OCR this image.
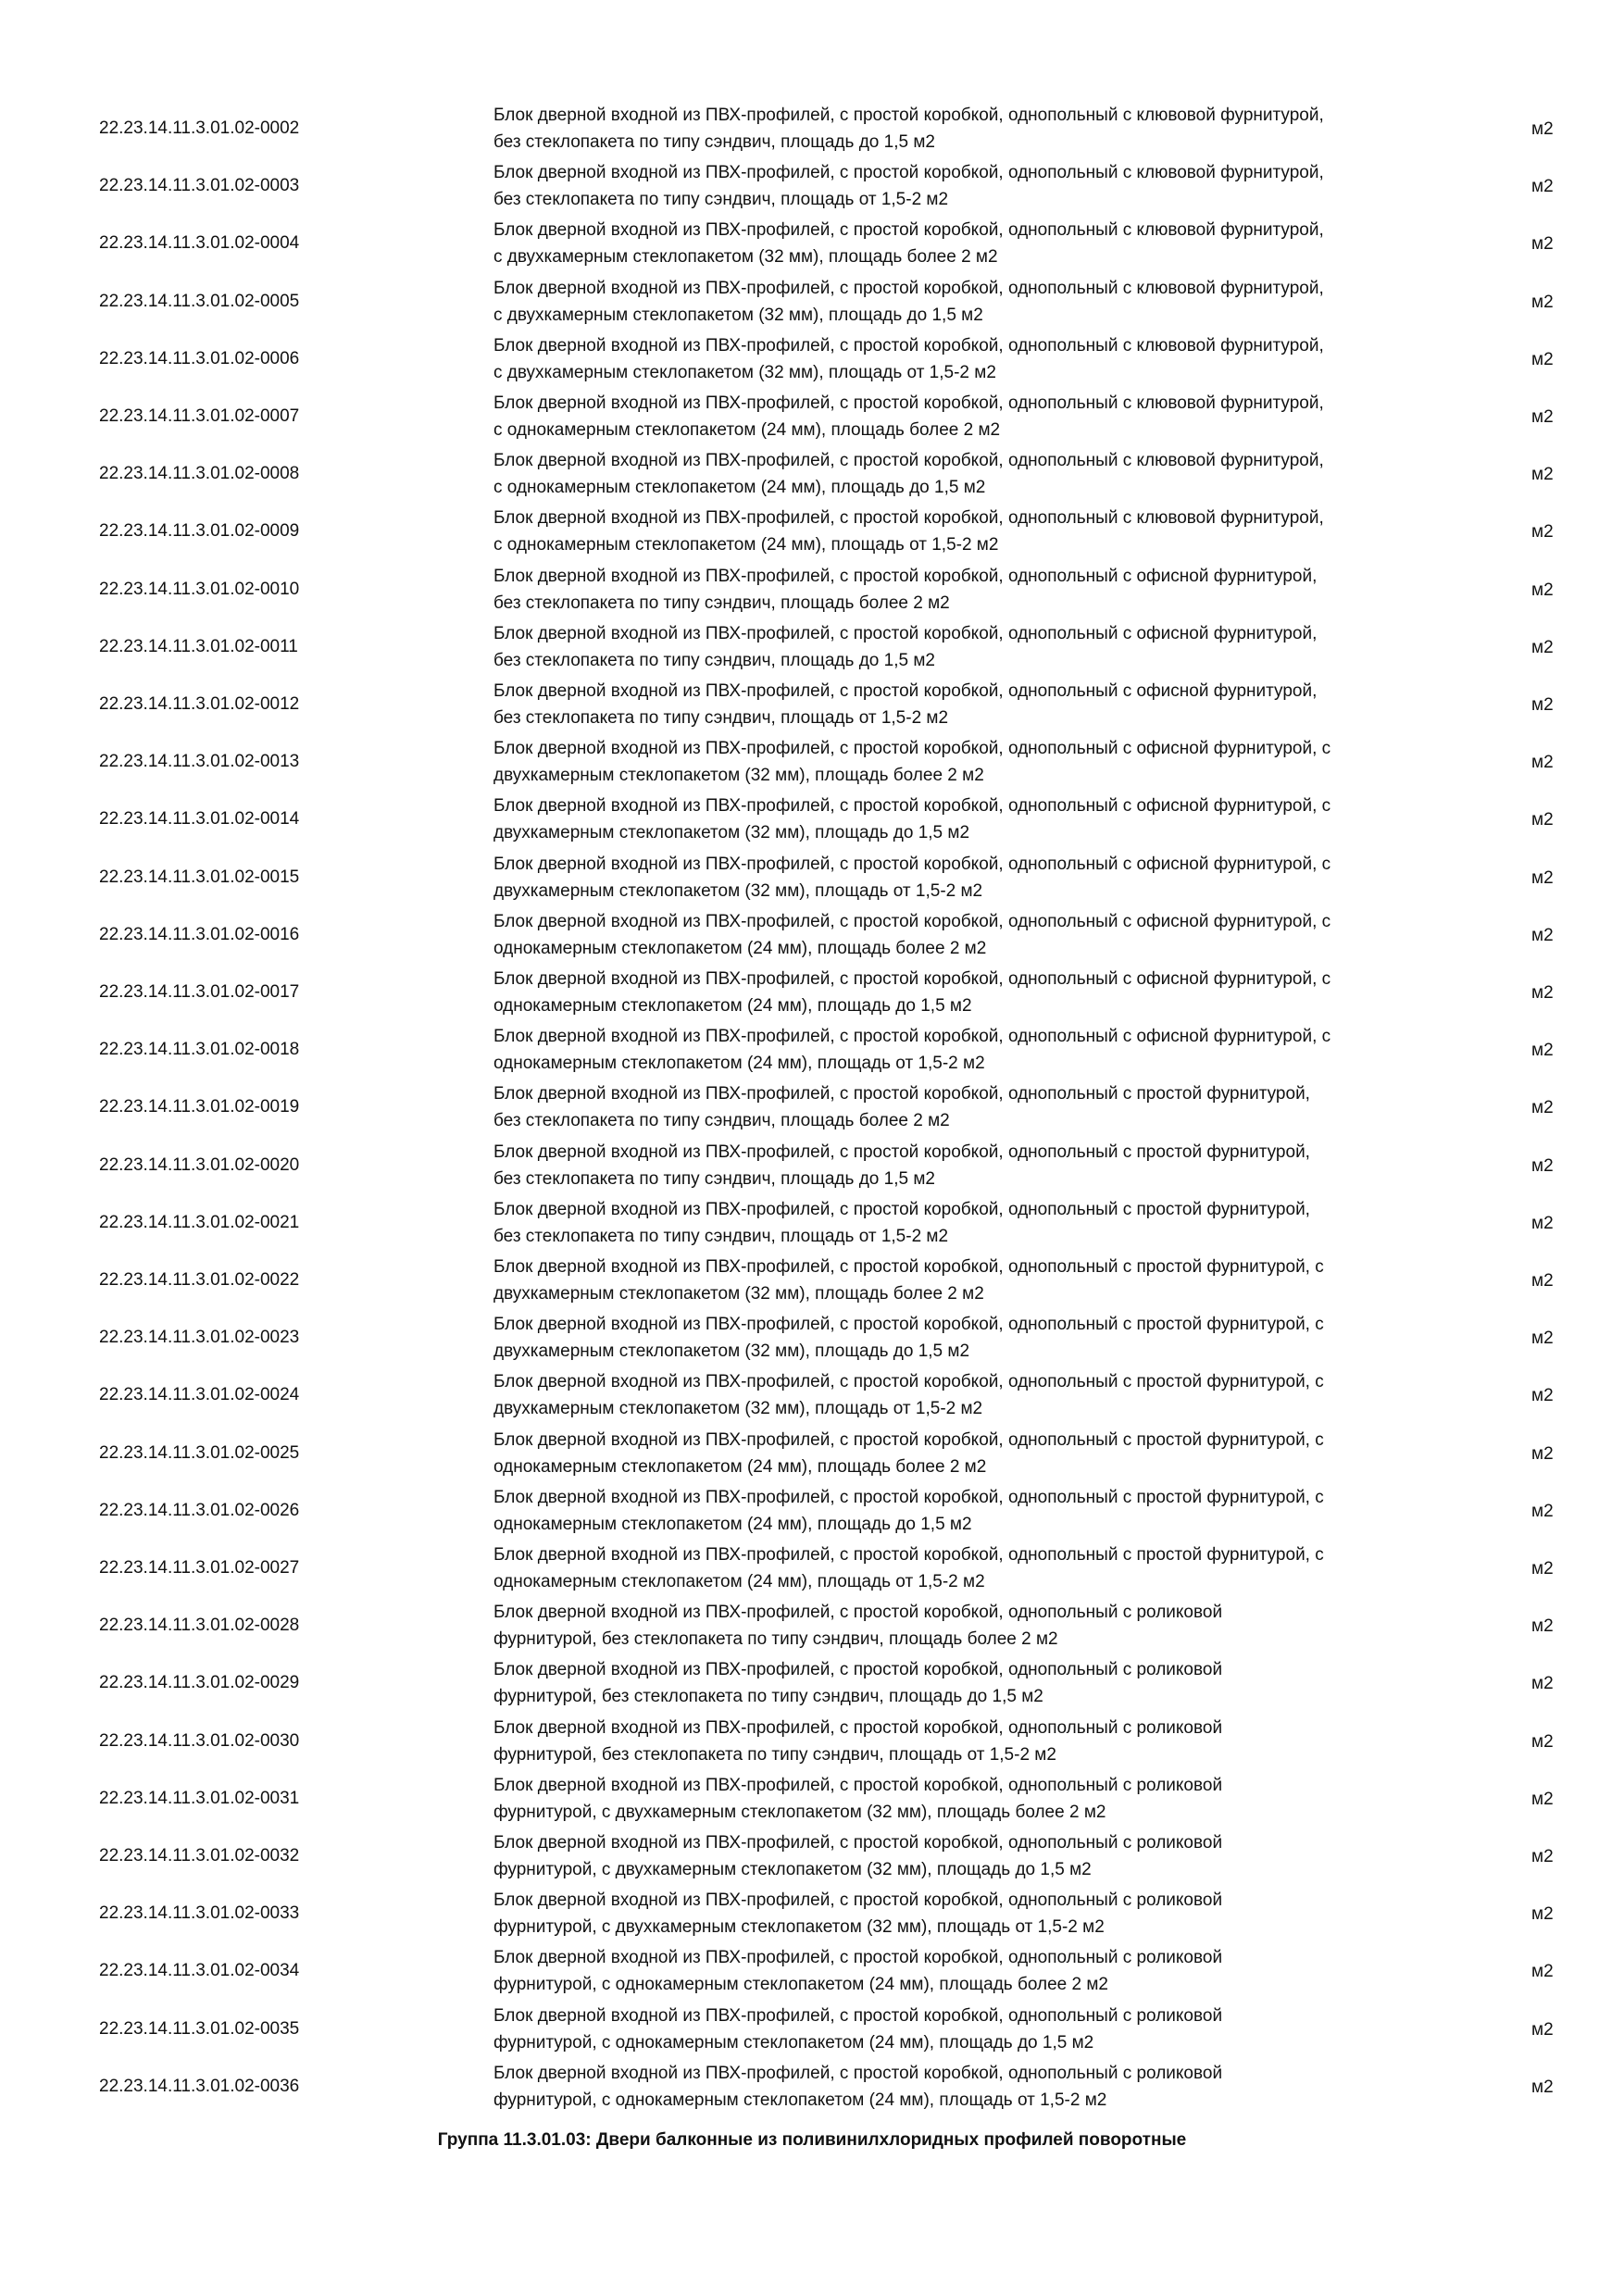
22.23.14.11.3.01.02-0002
Блок дверной входной из ПВХ-профилей, с простой коробкой, однопольный с клювовой фурнитурой,
без стеклопакета по типу сэндвич, площадь до 1,5 м2
м2
22.23.14.11.3.01.02-0003
Блок дверной входной из ПВХ-профилей, с простой коробкой, однопольный с клювовой фурнитурой,
без стеклопакета по типу сэндвич, площадь от 1,5-2 м2
м2
22.23.14.11.3.01.02-0004
Блок дверной входной из ПВХ-профилей, с простой коробкой, однопольный с клювовой фурнитурой,
с двухкамерным стеклопакетом (32 мм), площадь более 2 м2
м2
22.23.14.11.3.01.02-0005
Блок дверной входной из ПВХ-профилей, с простой коробкой, однопольный с клювовой фурнитурой,
с двухкамерным стеклопакетом (32 мм), площадь до 1,5 м2
м2
22.23.14.11.3.01.02-0006
Блок дверной входной из ПВХ-профилей, с простой коробкой, однопольный с клювовой фурнитурой,
с двухкамерным стеклопакетом (32 мм), площадь от 1,5-2 м2
м2
22.23.14.11.3.01.02-0007
Блок дверной входной из ПВХ-профилей, с простой коробкой, однопольный с клювовой фурнитурой,
с однокамерным стеклопакетом (24 мм), площадь более 2 м2
м2
22.23.14.11.3.01.02-0008
Блок дверной входной из ПВХ-профилей, с простой коробкой, однопольный с клювовой фурнитурой,
с однокамерным стеклопакетом (24 мм), площадь до 1,5 м2
м2
22.23.14.11.3.01.02-0009
Блок дверной входной из ПВХ-профилей, с простой коробкой, однопольный с клювовой фурнитурой,
с однокамерным стеклопакетом (24 мм), площадь от 1,5-2 м2
м2
22.23.14.11.3.01.02-0010
Блок дверной входной из ПВХ-профилей, с простой коробкой, однопольный с офисной фурнитурой,
без стеклопакета по типу сэндвич, площадь более 2 м2
м2
22.23.14.11.3.01.02-0011
Блок дверной входной из ПВХ-профилей, с простой коробкой, однопольный с офисной фурнитурой,
без стеклопакета по типу сэндвич, площадь до 1,5 м2
м2
22.23.14.11.3.01.02-0012
Блок дверной входной из ПВХ-профилей, с простой коробкой, однопольный с офисной фурнитурой,
без стеклопакета по типу сэндвич, площадь от 1,5-2 м2
м2
22.23.14.11.3.01.02-0013
Блок дверной входной из ПВХ-профилей, с простой коробкой, однопольный с офисной фурнитурой, с
двухкамерным стеклопакетом (32 мм), площадь более 2 м2
м2
22.23.14.11.3.01.02-0014
Блок дверной входной из ПВХ-профилей, с простой коробкой, однопольный с офисной фурнитурой, с
двухкамерным стеклопакетом (32 мм), площадь до 1,5 м2
м2
22.23.14.11.3.01.02-0015
Блок дверной входной из ПВХ-профилей, с простой коробкой, однопольный с офисной фурнитурой, с
двухкамерным стеклопакетом (32 мм), площадь от 1,5-2 м2
м2
22.23.14.11.3.01.02-0016
Блок дверной входной из ПВХ-профилей, с простой коробкой, однопольный с офисной фурнитурой, с
однокамерным стеклопакетом (24 мм), площадь более 2 м2
м2
22.23.14.11.3.01.02-0017
Блок дверной входной из ПВХ-профилей, с простой коробкой, однопольный с офисной фурнитурой, с
однокамерным стеклопакетом (24 мм), площадь до 1,5 м2
м2
22.23.14.11.3.01.02-0018
Блок дверной входной из ПВХ-профилей, с простой коробкой, однопольный с офисной фурнитурой, с
однокамерным стеклопакетом (24 мм), площадь от 1,5-2 м2
м2
22.23.14.11.3.01.02-0019
Блок дверной входной из ПВХ-профилей, с простой коробкой, однопольный с простой фурнитурой,
без стеклопакета по типу сэндвич, площадь более 2 м2
м2
22.23.14.11.3.01.02-0020
Блок дверной входной из ПВХ-профилей, с простой коробкой, однопольный с простой фурнитурой,
без стеклопакета по типу сэндвич, площадь до 1,5 м2
м2
22.23.14.11.3.01.02-0021
Блок дверной входной из ПВХ-профилей, с простой коробкой, однопольный с простой фурнитурой,
без стеклопакета по типу сэндвич, площадь от 1,5-2 м2
м2
22.23.14.11.3.01.02-0022
Блок дверной входной из ПВХ-профилей, с простой коробкой, однопольный с простой фурнитурой, с
двухкамерным стеклопакетом (32 мм), площадь более 2 м2
м2
22.23.14.11.3.01.02-0023
Блок дверной входной из ПВХ-профилей, с простой коробкой, однопольный с простой фурнитурой, с
двухкамерным стеклопакетом (32 мм), площадь до 1,5 м2
м2
22.23.14.11.3.01.02-0024
Блок дверной входной из ПВХ-профилей, с простой коробкой, однопольный с простой фурнитурой, с
двухкамерным стеклопакетом (32 мм), площадь от 1,5-2 м2
м2
22.23.14.11.3.01.02-0025
Блок дверной входной из ПВХ-профилей, с простой коробкой, однопольный с простой фурнитурой, с
однокамерным стеклопакетом (24 мм), площадь более 2 м2
м2
22.23.14.11.3.01.02-0026
Блок дверной входной из ПВХ-профилей, с простой коробкой, однопольный с простой фурнитурой, с
однокамерным стеклопакетом (24 мм), площадь до 1,5 м2
м2
22.23.14.11.3.01.02-0027
Блок дверной входной из ПВХ-профилей, с простой коробкой, однопольный с простой фурнитурой, с
однокамерным стеклопакетом (24 мм), площадь от 1,5-2 м2
м2
22.23.14.11.3.01.02-0028
Блок дверной входной из ПВХ-профилей, с простой коробкой, однопольный с роликовой
фурнитурой, без стеклопакета по типу сэндвич, площадь более 2 м2
м2
22.23.14.11.3.01.02-0029
Блок дверной входной из ПВХ-профилей, с простой коробкой, однопольный с роликовой
фурнитурой, без стеклопакета по типу сэндвич, площадь до 1,5 м2
м2
22.23.14.11.3.01.02-0030
Блок дверной входной из ПВХ-профилей, с простой коробкой, однопольный с роликовой
фурнитурой, без стеклопакета по типу сэндвич, площадь от 1,5-2 м2
м2
22.23.14.11.3.01.02-0031
Блок дверной входной из ПВХ-профилей, с простой коробкой, однопольный с роликовой
фурнитурой, с двухкамерным стеклопакетом (32 мм), площадь более 2 м2
м2
22.23.14.11.3.01.02-0032
Блок дверной входной из ПВХ-профилей, с простой коробкой, однопольный с роликовой
фурнитурой, с двухкамерным стеклопакетом (32 мм), площадь до 1,5 м2
м2
22.23.14.11.3.01.02-0033
Блок дверной входной из ПВХ-профилей, с простой коробкой, однопольный с роликовой
фурнитурой, с двухкамерным стеклопакетом (32 мм), площадь от 1,5-2 м2
м2
22.23.14.11.3.01.02-0034
Блок дверной входной из ПВХ-профилей, с простой коробкой, однопольный с роликовой
фурнитурой, с однокамерным стеклопакетом (24 мм), площадь более 2 м2
м2
22.23.14.11.3.01.02-0035
Блок дверной входной из ПВХ-профилей, с простой коробкой, однопольный с роликовой
фурнитурой, с однокамерным стеклопакетом (24 мм), площадь до 1,5 м2
м2
22.23.14.11.3.01.02-0036
Блок дверной входной из ПВХ-профилей, с простой коробкой, однопольный с роликовой
фурнитурой, с однокамерным стеклопакетом (24 мм), площадь от 1,5-2 м2
м2
Группа 11.3.01.03: Двери балконные из поливинилхлоридных профилей поворотные
